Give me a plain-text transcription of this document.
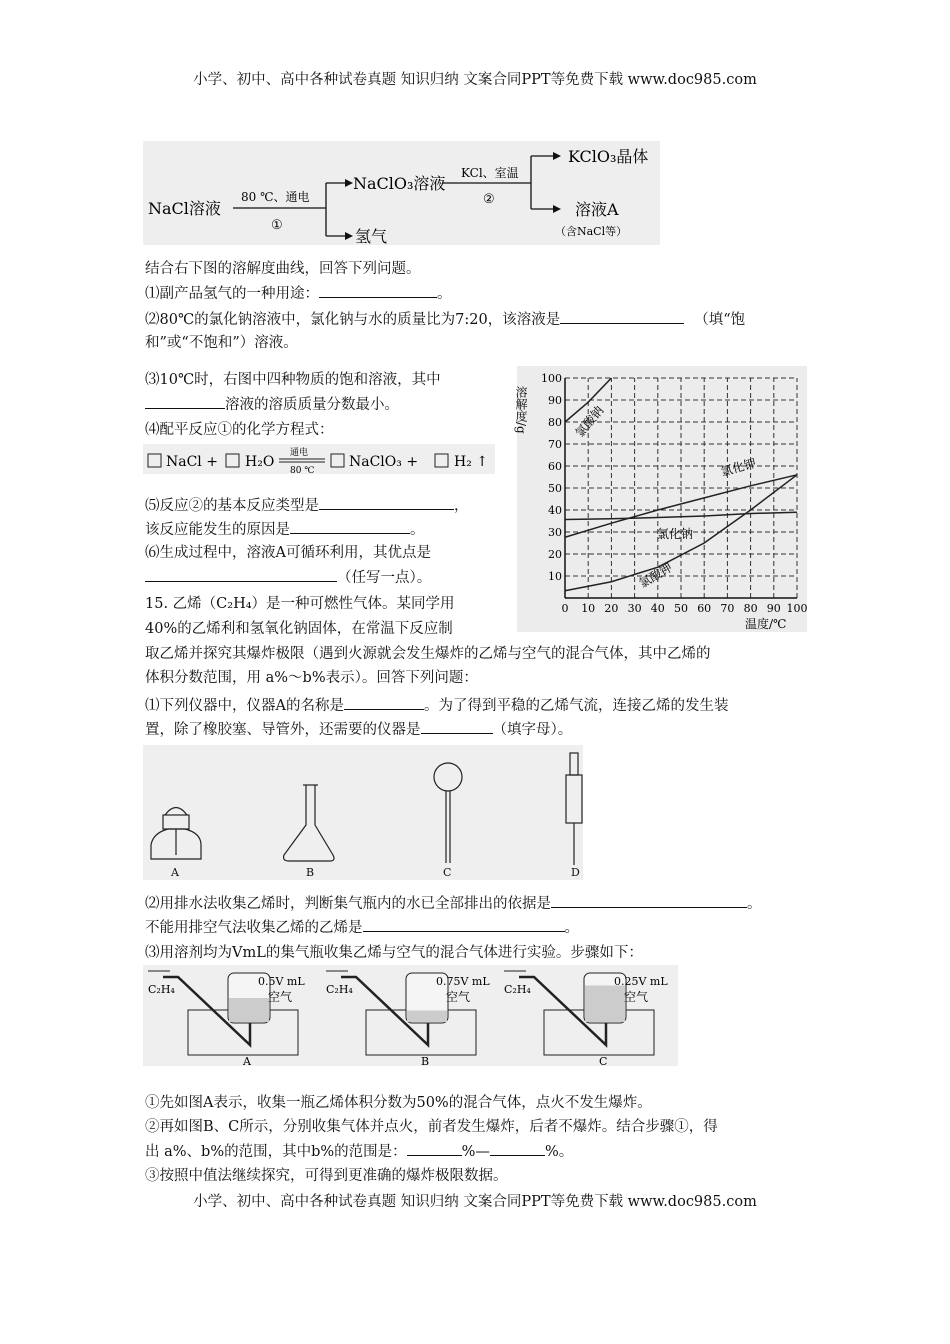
小学、初中、高中各种试卷真题 知识归纳 文案合同PPT等免费下载 www.doc985.com
NaCl溶液
80 ℃、通电
①
NaClO₃溶液
氢气
KCl、室温
②
KClO₃晶体
溶液A
（含NaCl等）
结合右下图的溶解度曲线，回答下列问题。
⑴副产品氢气的一种用途：	。
⑵80℃的氯化钠溶液中，氯化钠与水的质量比为7:20，该溶液是	（填“饱
和”或“不饱和”）溶液。
⑶10℃时，右图中四种物质的饱和溶液，其中
溶液的溶质质量分数最小。
⑷配平反应①的化学方程式：
NaCl + H₂O
通电
80 ℃
NaClO₃ +	H₂ ↑
⑸反应②的基本反应类型是	，
该反应能发生的原因是	。
⑹生成过程中，溶液A可循环利用，其优点是
（任写一点）。
15. 乙烯（C₂H₄）是一种可燃性气体。某同学用
40%的乙烯利和氢氧化钠固体，在常温下反应制
取乙烯并探究其爆炸极限（遇到火源就会发生爆炸的乙烯与空气的混合气体，其中乙烯的
体积分数范围，用 a%～b%表示）。回答下列问题：
0 10 20 30 40 50 60 70 80 90 100
10
20
30
40
50
60
70
80
90
100
溶解度/g
温度/℃
氯酸钠
氯化钾
氯化钠
氯酸钾
⑴下列仪器中，仪器A的名称是	。为了得到平稳的乙烯气流，连接乙烯的发生装
置，除了橡胶塞、导管外，还需要的仪器是	（填字母）。
A	B	C	D
⑵用排水法收集乙烯时，判断集气瓶内的水已全部排出的依据是	。
不能用排空气法收集乙烯的乙烯是	。
⑶用溶剂均为VmL的集气瓶收集乙烯与空气的混合气体进行实验。步骤如下：
C₂H₄
0.5V mL
空气
A
C₂H₄
0.75V mL
空气
B
C₂H₄
0.25V mL
空气
C
①先如图A表示，收集一瓶乙烯体积分数为50%的混合气体，点火不发生爆炸。
②再如图B、C所示，分别收集气体并点火，前者发生爆炸，后者不爆炸。结合步骤①，得
出 a%、b%的范围，其中b%的范围是：	%—	%。
③按照中值法继续探究，可得到更准确的爆炸极限数据。
小学、初中、高中各种试卷真题 知识归纳 文案合同PPT等免费下载 www.doc985.com
